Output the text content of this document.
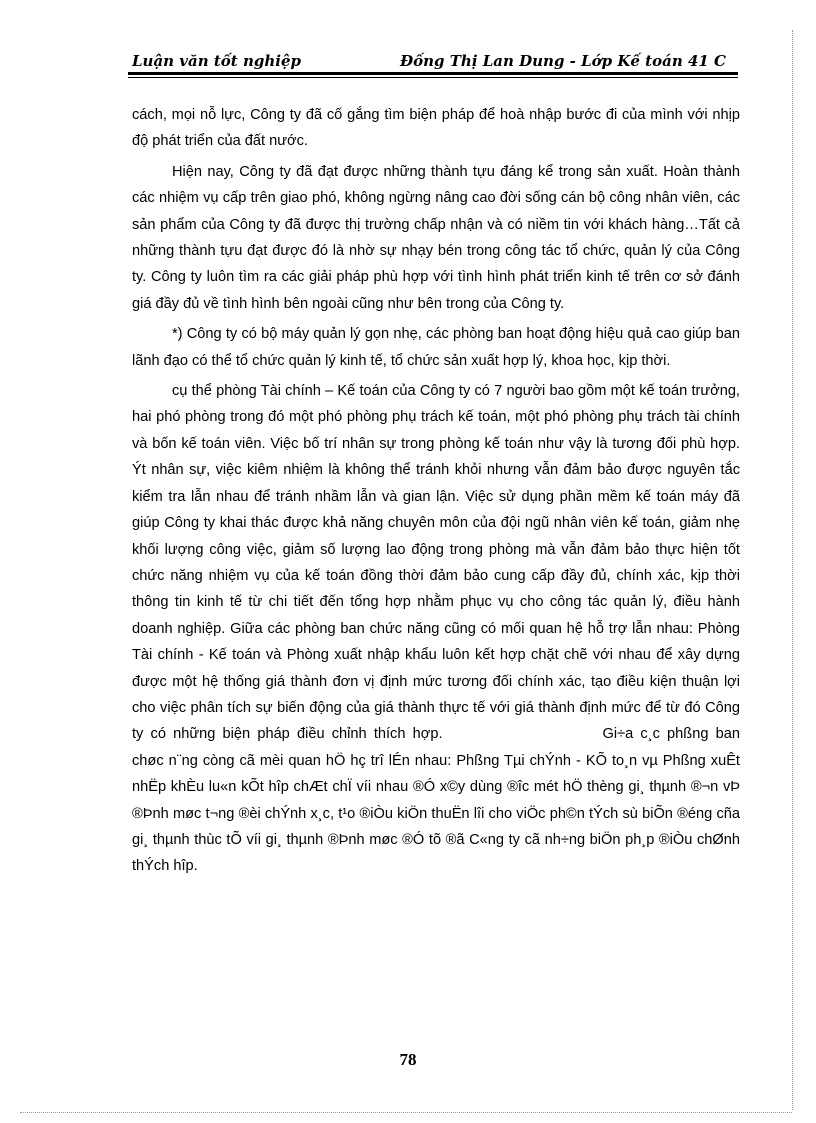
Luận văn tốt nghiệp	Đống Thị Lan Dung - Lớp Kế toán 41 C

cách, mọi nỗ lực, Công ty đã cố gắng tìm biện pháp để hoà nhập bước đi của mình với nhịp độ phát triển của đất nước.

Hiện nay, Công ty đã đạt được những thành tựu đáng kể trong sản xuất. Hoàn thành các nhiệm vụ cấp trên giao phó, không ngừng nâng cao đời sống cán bộ công nhân viên, các sản phẩm của Công ty đã được thị trường chấp nhận và có niềm tin với khách hàng…Tất cả những thành tựu đạt được đó là nhờ sự nhạy bén trong công tác tổ chức, quản lý của Công ty. Công ty luôn tìm ra các giải pháp phù hợp với tình hình phát triển kinh tế trên cơ sở đánh giá đầy đủ về tình hình bên ngoài cũng như bên trong của Công ty.

*) Công ty có bộ máy quản lý gọn nhẹ, các phòng ban hoạt động hiệu quả cao giúp ban lãnh đạo có thể tổ chức quản lý kinh tế, tổ chức sản xuất hợp lý, khoa học, kịp thời.

cụ thể phòng Tài chính – Kế toán của Công ty có 7 người bao gồm một kế toán trưởng, hai phó phòng trong đó một phó phòng phụ trách kế toán, một phó phòng phụ trách tài chính và bốn kế toán viên. Việc bố trí nhân sự trong phòng kế toán như vậy là tương đối phù hợp. Ýt nhân sự, việc kiêm nhiệm là không thể tránh khỏi nhưng vẫn đảm bảo được nguyên tắc kiểm tra lẫn nhau để tránh nhầm lẫn và gian lận. Việc sử dụng phần mềm kế toán máy đã giúp Công ty khai thác được khả năng chuyên môn của đội ngũ nhân viên kế toán, giảm nhẹ khối lượng công việc, giảm số lượng lao động trong phòng mà vẫn đảm bảo thực hiện tốt chức năng nhiệm vụ của kế toán đồng thời đảm bảo cung cấp đầy đủ, chính xác, kịp thời thông tin kinh tế từ chi tiết đến tổng hợp nhằm phục vụ cho công tác quản lý, điều hành doanh nghiệp. Giữa các phòng ban chức năng cũng có mối quan hệ hỗ trợ lẫn nhau: Phòng Tài chính - Kế toán và Phòng xuất nhập khẩu luôn kết hợp chặt chẽ với nhau để xây dựng được một hệ thống giá thành đơn vị định mức tương đối chính xác, tạo điều kiện thuận lợi cho việc phân tích sự biến động của giá thành thực tế với giá thành định mức để từ đó Công ty có những biện pháp điều chỉnh thích hợp.	Gi÷a c¸c phßng ban chøc n¨ng còng cã mèi quan hÖ hç trî lÉn nhau: Phßng Tµi chÝnh - KÕ to¸n vµ Phßng xuÊt nhËp khÈu lu«n kÕt hîp chÆt chÏ víi nhau ®Ó x©y dùng ®îc mét hÖ thèng gi¸ thµnh ®¬n vÞ ®Þnh møc t¬ng ®èi chÝnh x¸c, t¹o ®iÒu kiÖn thuËn lîi cho viÖc ph©n tÝch sù biÕn ®éng cña gi¸ thµnh thùc tÕ víi gi¸ thµnh ®Þnh møc ®Ó tõ ®ã C«ng ty cã nh÷ng biÖn ph¸p ®iÒu chØnh thÝch hîp.

78
